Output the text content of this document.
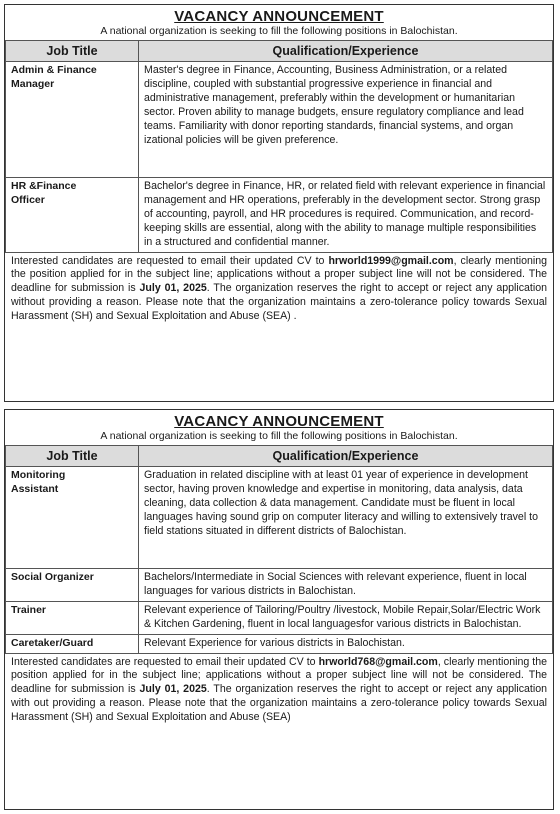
VACANCY ANNOUNCEMENT
A national organization is seeking to fill the following positions in Balochistan.
Job Title	Qualification/Experience
Admin & Finance Manager	Master's degree in Finance, Accounting, Business Administration, or a related discipline, coupled with substantial progressive experience in financial and administrative management, preferably within the development or humanitarian sector. Proven ability to manage budgets, ensure regulatory compliance and lead teams. Familiarity with donor reporting standards, financial systems, and organ izational policies will be given preference.
HR &Finance Officer	Bachelor's degree in Finance, HR, or related field with relevant experience in financial management and HR operations, preferably in the development sector. Strong grasp of accounting, payroll, and HR procedures is required. Communication, and record-keeping skills are essential, along with the ability to manage multiple responsibilities in a structured and confidential manner.
Interested candidates are requested to email their updated CV to hrworld1999@gmail.com, clearly mentioning the position applied for in the subject line; applications without a proper subject line will not be considered. The deadline for submission is July 01, 2025. The organization reserves the right to accept or reject any application without providing a reason. Please note that the organization maintains a zero-tolerance policy towards Sexual Harassment (SH) and Sexual Exploitation and Abuse (SEA) .
VACANCY ANNOUNCEMENT
A national organization is seeking to fill the following positions in Balochistan.
Job Title	Qualification/Experience
Monitoring Assistant	Graduation in related discipline with at least 01 year of experience in development sector, having proven knowledge and expertise in monitoring, data analysis, data cleaning, data collection & data management. Candidate must be fluent in local languages having sound grip on computer literacy and willing to extensively travel to field stations situated in different districts of Balochistan.
Social Organizer	Bachelors/Intermediate in Social Sciences with relevant experience, fluent in local languages for various districts in Balochistan.
Trainer	Relevant experience of Tailoring/Poultry /livestock, Mobile Repair,Solar/Electric Work & Kitchen Gardening, fluent in local languagesfor various districts in Balochistan.
Caretaker/Guard	Relevant Experience for various districts in Balochistan.
Interested candidates are requested to email their updated CV to hrworld768@gmail.com, clearly mentioning the position applied for in the subject line; applications without a proper subject line will not be considered. The deadline for submission is July 01, 2025. The organization reserves the right to accept or reject any application with out providing a reason. Please note that the organization maintains a zero-tolerance policy towards Sexual Harassment (SH) and Sexual Exploitation and Abuse (SEA)
